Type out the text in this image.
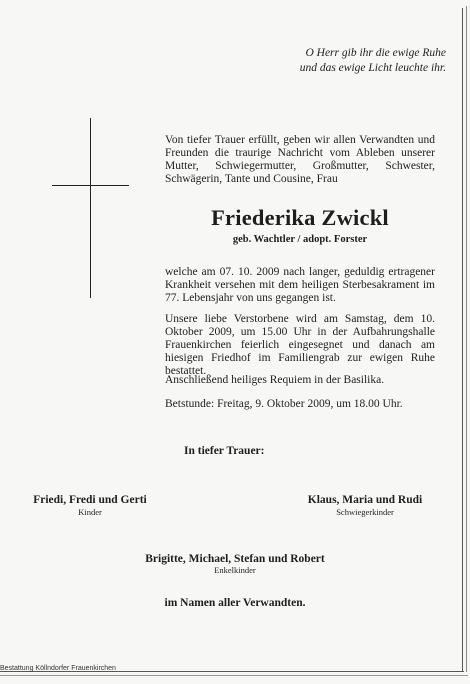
O Herr gib ihr die ewige Ruhe
und das ewige Licht leuchte ihr.
Von tiefer Trauer erfüllt, geben wir allen Verwandten und Freunden die traurige Nachricht vom Ableben unserer Mutter, Schwiegermutter, Großmutter, Schwester, Schwägerin, Tante und Cousine, Frau
Friederika Zwickl
geb. Wachtler / adopt. Forster
welche am 07. 10. 2009 nach langer, geduldig ertragener Krankheit versehen mit dem heiligen Sterbesakrament im 77. Lebensjahr von uns gegangen ist.
Unsere liebe Verstorbene wird am Samstag, dem 10. Oktober 2009, um 15.00 Uhr in der Aufbahrungshalle Frauenkirchen feierlich eingesegnet und danach am hiesigen Friedhof im Familiengrab zur ewigen Ruhe bestattet.
Anschließend heiliges Requiem in der Basilika.
Betstunde: Freitag, 9. Oktober 2009, um 18.00 Uhr.
In tiefer Trauer:
Friedi, Fredi und Gerti
Kinder
Klaus, Maria und Rudi
Schwiegerkinder
Brigitte, Michael, Stefan und Robert
Enkelkinder
im Namen aller Verwandten.
Bestattung Köllndorfer Frauenkirchen
